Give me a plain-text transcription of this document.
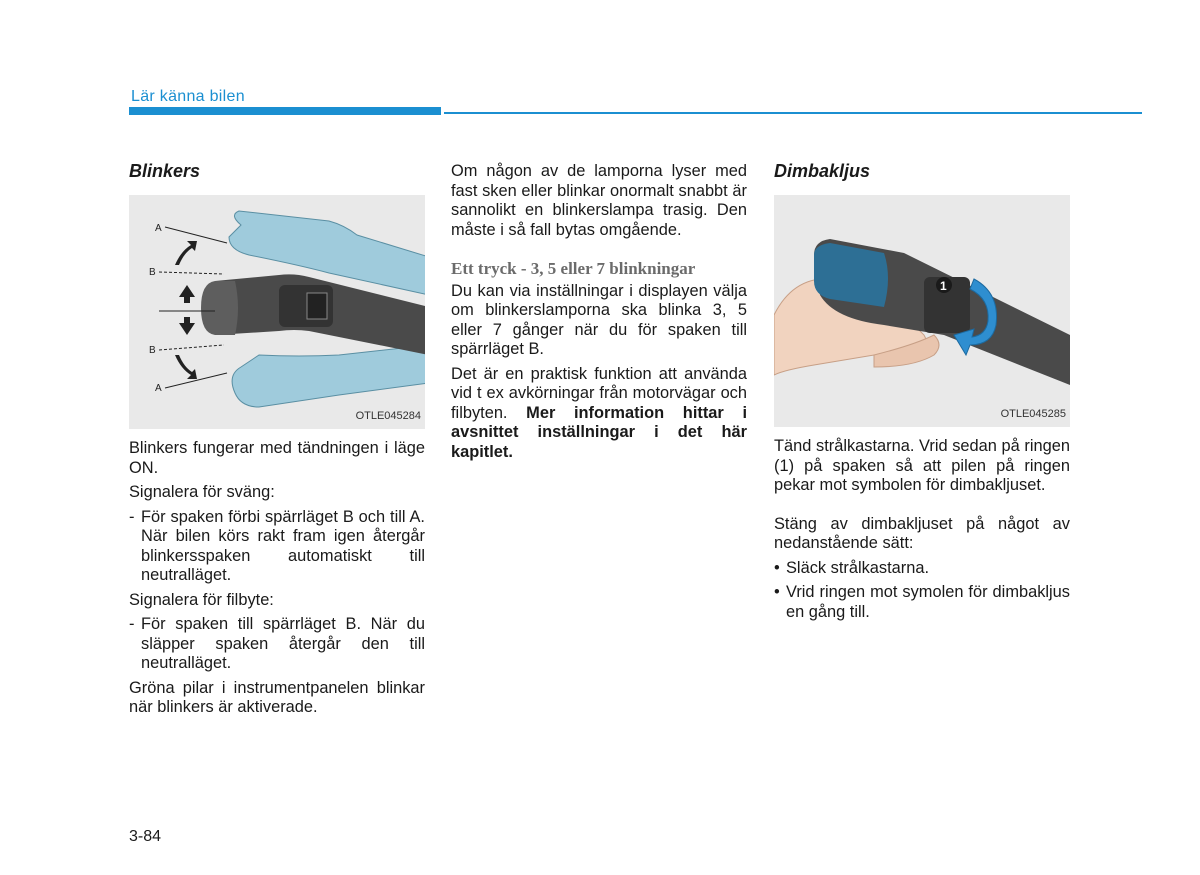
Lär känna bilen
Blinkers
A
B
B
A
OTLE045284

Blinkers fungerar med tändningen i läge ON.

Signalera för sväng:

- För spaken förbi spärrläget B och till A. När bilen körs rakt fram igen återgår blinkersspaken automatiskt till neutralläget.

Signalera för filbyte:

- För spaken till spärrläget B. När du släpper spaken återgår den till neutralläget.

Gröna pilar i instrumentpanelen blinkar när blinkers är aktiverade.

Om någon av de lamporna lyser med fast sken eller blinkar onormalt snabbt är sannolikt en blinkerslampa trasig. Den måste i så fall bytas omgående.

Ett tryck - 3, 5 eller 7 blinkningar

Du kan via inställningar i displayen välja om blinkerslamporna ska blinka 3, 5 eller 7 gånger när du för spaken till spärrläget B.

Det är en praktisk funktion att använda vid t ex avkörningar från motorvägar och filbyten. Mer information hittar i avsnittet inställningar i det här kapitlet.

Dimbakljus
1
OTLE045285

Tänd strålkastarna. Vrid sedan på ringen (1) på spaken så att pilen på ringen pekar mot symbolen för dimbakljuset.

Stäng av dimbakljuset på något av nedanstående sätt:

• Släck strålkastarna.
• Vrid ringen mot symolen för dimbakljus en gång till.
3-84
